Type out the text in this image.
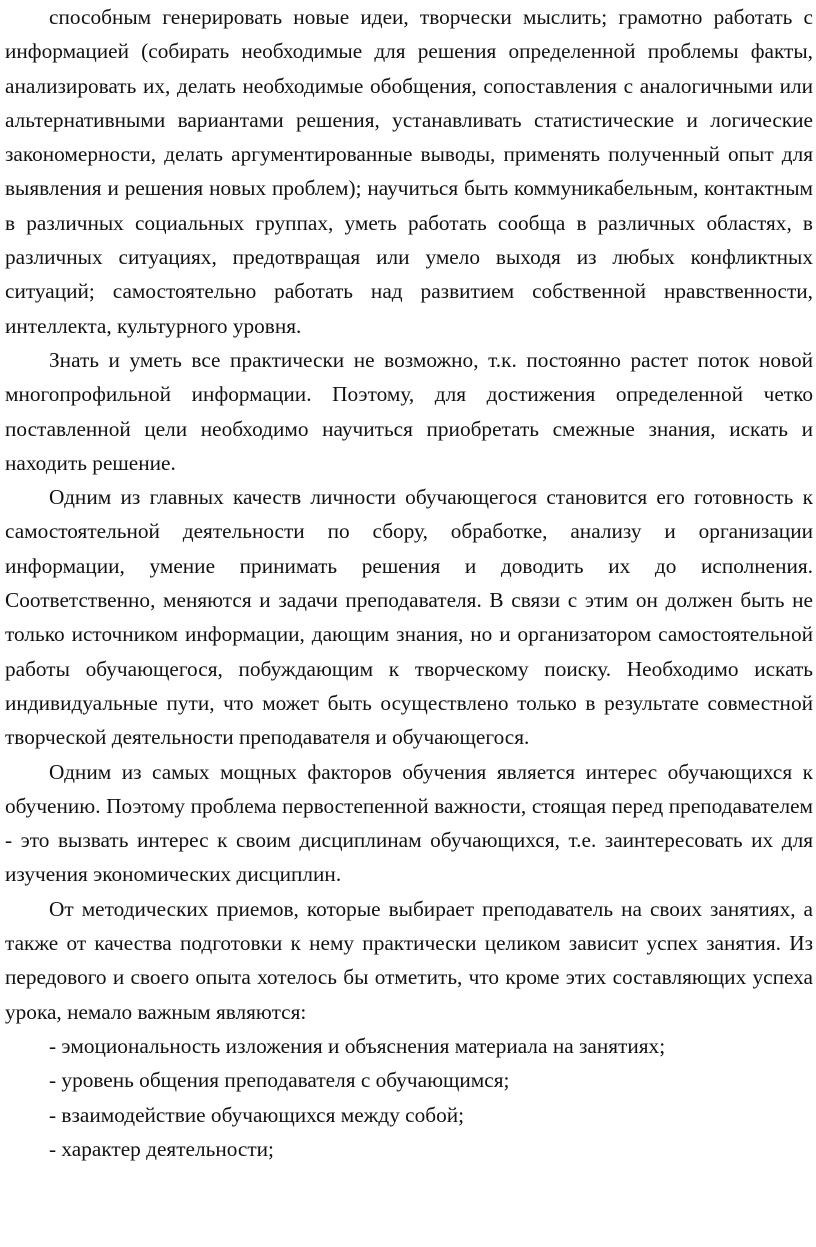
способным генерировать новые идеи, творчески мыслить; грамотно работать с информацией (собирать необходимые для решения определенной проблемы факты, анализировать их, делать необходимые обобщения, сопоставления с аналогичными или альтернативными вариантами решения, устанавливать статистические и логические закономерности, делать аргументированные выводы, применять полученный опыт для выявления и решения новых проблем); научиться быть коммуникабельным, контактным в различных социальных группах, уметь работать сообща в различных областях, в различных ситуациях, предотвращая или умело выходя из любых конфликтных ситуаций; самостоятельно работать над развитием собственной нравственности, интеллекта, культурного уровня.

Знать и уметь все практически не возможно, т.к. постоянно растет поток новой многопрофильной информации. Поэтому, для достижения определенной четко поставленной цели необходимо научиться приобретать смежные знания, искать и находить решение.

Одним из главных качеств личности обучающегося становится его готовность к самостоятельной деятельности по сбору, обработке, анализу и организации информации, умение принимать решения и доводить их до исполнения. Соответственно, меняются и задачи преподавателя. В связи с этим он должен быть не только источником информации, дающим знания, но и организатором самостоятельной работы обучающегося, побуждающим к творческому поиску. Необходимо искать индивидуальные пути, что может быть осуществлено только в результате совместной творческой деятельности преподавателя и обучающегося.

Одним из самых мощных факторов обучения является интерес обучающихся к обучению. Поэтому проблема первостепенной важности, стоящая перед преподавателем - это вызвать интерес к своим дисциплинам обучающихся, т.е. заинтересовать их для изучения экономических дисциплин.

От методических приемов, которые выбирает преподаватель на своих занятиях, а также от качества подготовки к нему практически целиком зависит успех занятия. Из передового и своего опыта хотелось бы отметить, что кроме этих составляющих успеха урока, немало важным являются:

- эмоциональность изложения и объяснения материала на занятиях;

- уровень общения преподавателя с обучающимся;

- взаимодействие обучающихся между собой;

- характер деятельности;
